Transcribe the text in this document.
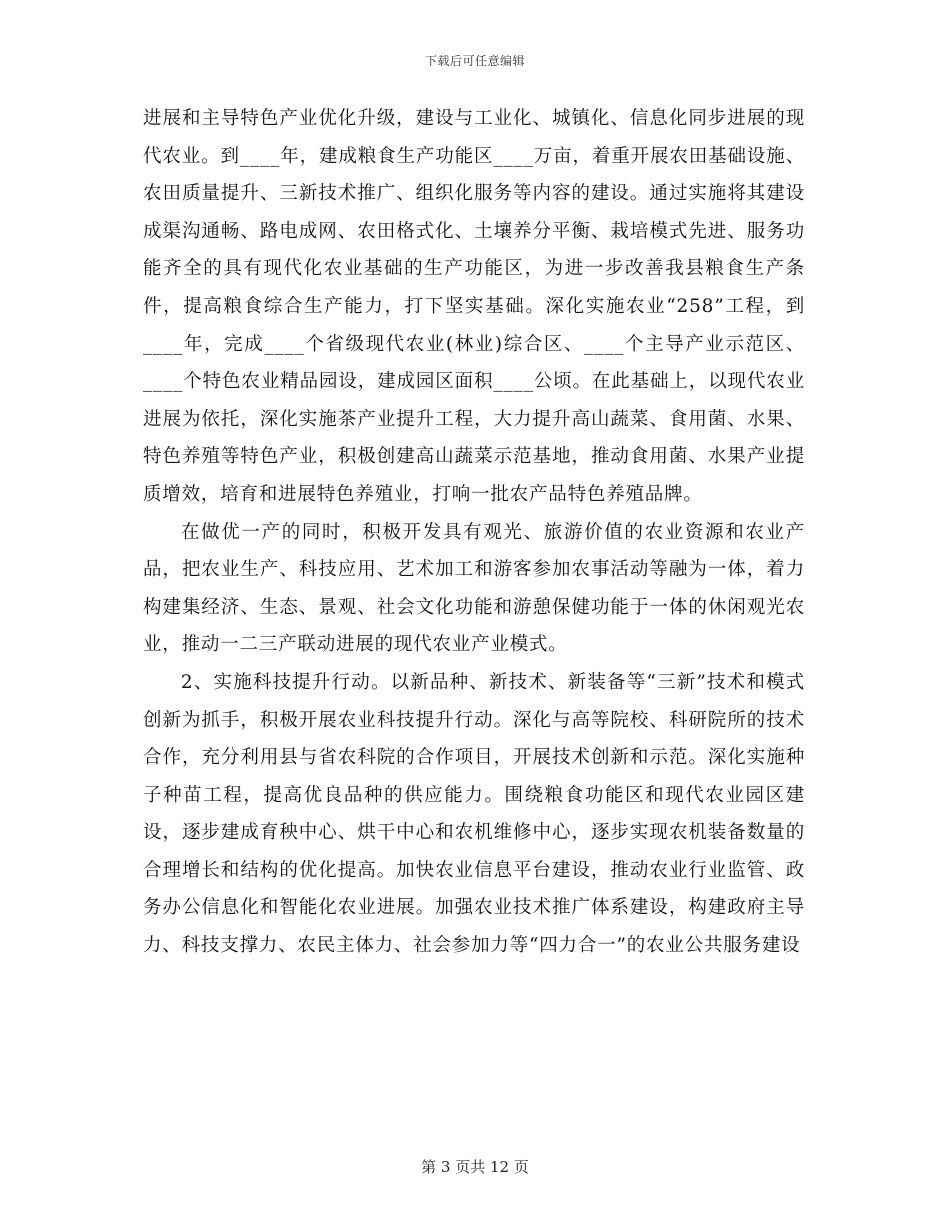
下载后可任意编辑

进展和主导特色产业优化升级，建设与工业化、城镇化、信息化同步进展的现代农业。到____年，建成粮食生产功能区____万亩，着重开展农田基础设施、农田质量提升、三新技术推广、组织化服务等内容的建设。通过实施将其建设成渠沟通畅、路电成网、农田格式化、土壤养分平衡、栽培模式先进、服务功能齐全的具有现代化农业基础的生产功能区，为进一步改善我县粮食生产条件，提高粮食综合生产能力，打下坚实基础。深化实施农业“258”工程，到____年，完成____个省级现代农业(林业)综合区、____个主导产业示范区、____个特色农业精品园设，建成园区面积____公顷。在此基础上，以现代农业进展为依托，深化实施茶产业提升工程，大力提升高山蔬菜、食用菌、水果、特色养殖等特色产业，积极创建高山蔬菜示范基地，推动食用菌、水果产业提质增效，培育和进展特色养殖业，打响一批农产品特色养殖品牌。

在做优一产的同时，积极开发具有观光、旅游价值的农业资源和农业产品，把农业生产、科技应用、艺术加工和游客参加农事活动等融为一体，着力构建集经济、生态、景观、社会文化功能和游憩保健功能于一体的休闲观光农业，推动一二三产联动进展的现代农业产业模式。

2、实施科技提升行动。以新品种、新技术、新装备等“三新”技术和模式创新为抓手，积极开展农业科技提升行动。深化与高等院校、科研院所的技术合作，充分利用县与省农科院的合作项目，开展技术创新和示范。深化实施种子种苗工程，提高优良品种的供应能力。围绕粮食功能区和现代农业园区建设，逐步建成育秧中心、烘干中心和农机维修中心，逐步实现农机装备数量的合理增长和结构的优化提高。加快农业信息平台建设，推动农业行业监管、政务办公信息化和智能化农业进展。加强农业技术推广体系建设，构建政府主导力、科技支撑力、农民主体力、社会参加力等“四力合一”的农业公共服务建设

第 3 页共 12 页
